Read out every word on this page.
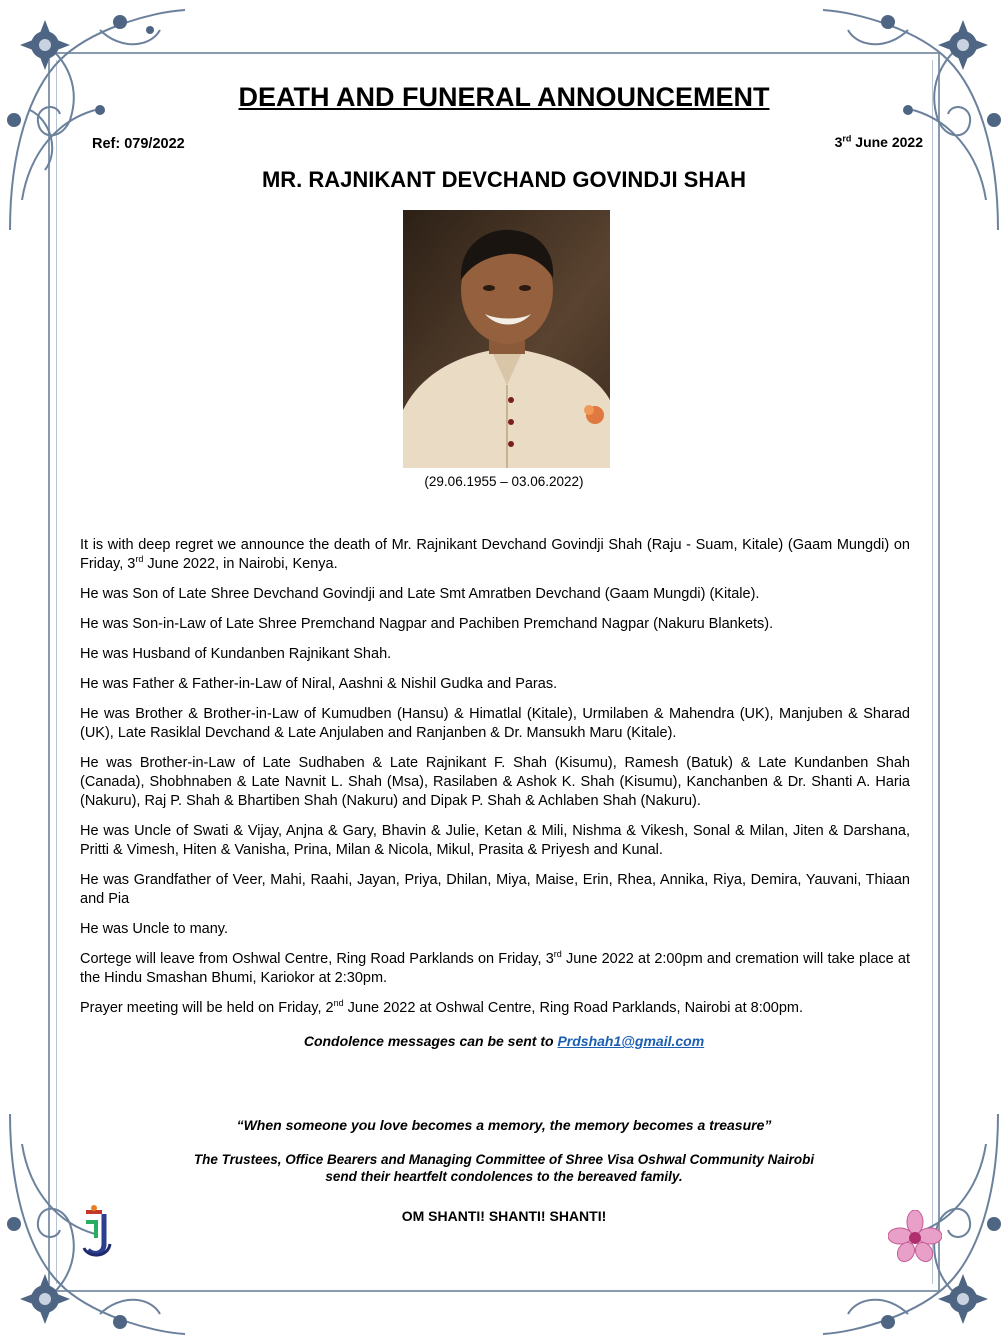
DEATH AND FUNERAL ANNOUNCEMENT
Ref: 079/2022	3rd June 2022
MR. RAJNIKANT DEVCHAND GOVINDJI SHAH
(29.06.1955 – 03.06.2022)

It is with deep regret we announce the death of Mr. Rajnikant Devchand Govindji Shah (Raju - Suam, Kitale) (Gaam Mungdi) on Friday, 3rd June 2022, in Nairobi, Kenya.

He was Son of Late Shree Devchand Govindji and Late Smt Amratben Devchand (Gaam Mungdi) (Kitale).

He was Son-in-Law of Late Shree Premchand Nagpar and Pachiben Premchand Nagpar (Nakuru Blankets).

He was Husband of Kundanben Rajnikant Shah.

He was Father & Father-in-Law of Niral, Aashni & Nishil Gudka and Paras.

He was Brother & Brother-in-Law of Kumudben (Hansu) & Himatlal (Kitale), Urmilaben & Mahendra (UK), Manjuben & Sharad (UK), Late Rasiklal Devchand & Late Anjulaben and Ranjanben & Dr. Mansukh Maru (Kitale).

He was Brother-in-Law of Late Sudhaben & Late Rajnikant F. Shah (Kisumu), Ramesh (Batuk) & Late Kundanben Shah (Canada), Shobhnaben & Late Navnit L. Shah (Msa), Rasilaben & Ashok K. Shah (Kisumu), Kanchanben & Dr. Shanti A. Haria (Nakuru), Raj P. Shah & Bhartiben Shah (Nakuru) and Dipak P. Shah & Achlaben Shah (Nakuru).

He was Uncle of Swati & Vijay, Anjna & Gary, Bhavin & Julie, Ketan & Mili, Nishma & Vikesh, Sonal & Milan, Jiten & Darshana, Pritti & Vimesh, Hiten & Vanisha, Prina, Milan & Nicola, Mikul, Prasita & Priyesh and Kunal.

He was Grandfather of Veer, Mahi, Raahi, Jayan, Priya, Dhilan, Miya, Maise, Erin, Rhea, Annika, Riya, Demira, Yauvani, Thiaan and Pia

He was Uncle to many.

Cortege will leave from Oshwal Centre, Ring Road Parklands on Friday, 3rd June 2022 at 2:00pm and cremation will take place at the Hindu Smashan Bhumi, Kariokor at 2:30pm.

Prayer meeting will be held on Friday, 2nd June 2022 at Oshwal Centre, Ring Road Parklands, Nairobi at 8:00pm.

Condolence messages can be sent to Prdshah1@gmail.com
“When someone you love becomes a memory, the memory becomes a treasure”
The Trustees, Office Bearers and Managing Committee of Shree Visa Oshwal Community Nairobi
send their heartfelt condolences to the bereaved family.
OM SHANTI! SHANTI! SHANTI!
